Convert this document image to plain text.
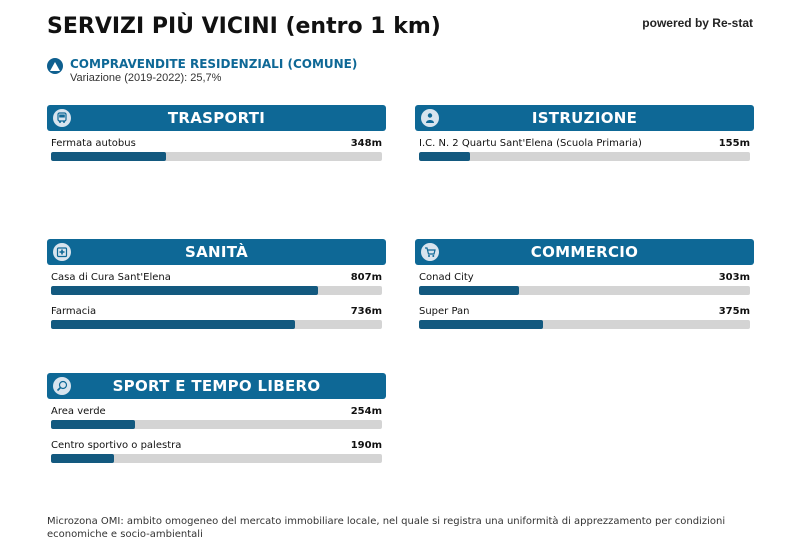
SERVIZI PIÙ VICINI (entro 1 km)	powered by Re-stat
COMPRAVENDITE RESIDENZIALI (COMUNE)
Variazione (2019-2022): 25,7%
TRASPORTI
Fermata autobus	348m
ISTRUZIONE
I.C. N. 2 Quartu Sant'Elena (Scuola Primaria)	155m
SANITÀ
Casa di Cura Sant'Elena	807m
Farmacia	736m
COMMERCIO
Conad City	303m
Super Pan	375m
SPORT E TEMPO LIBERO
Area verde	254m
Centro sportivo o palestra	190m
Microzona OMI: ambito omogeneo del mercato immobiliare locale, nel quale si registra una uniformità di apprezzamento per condizioni economiche e socio-ambientali
